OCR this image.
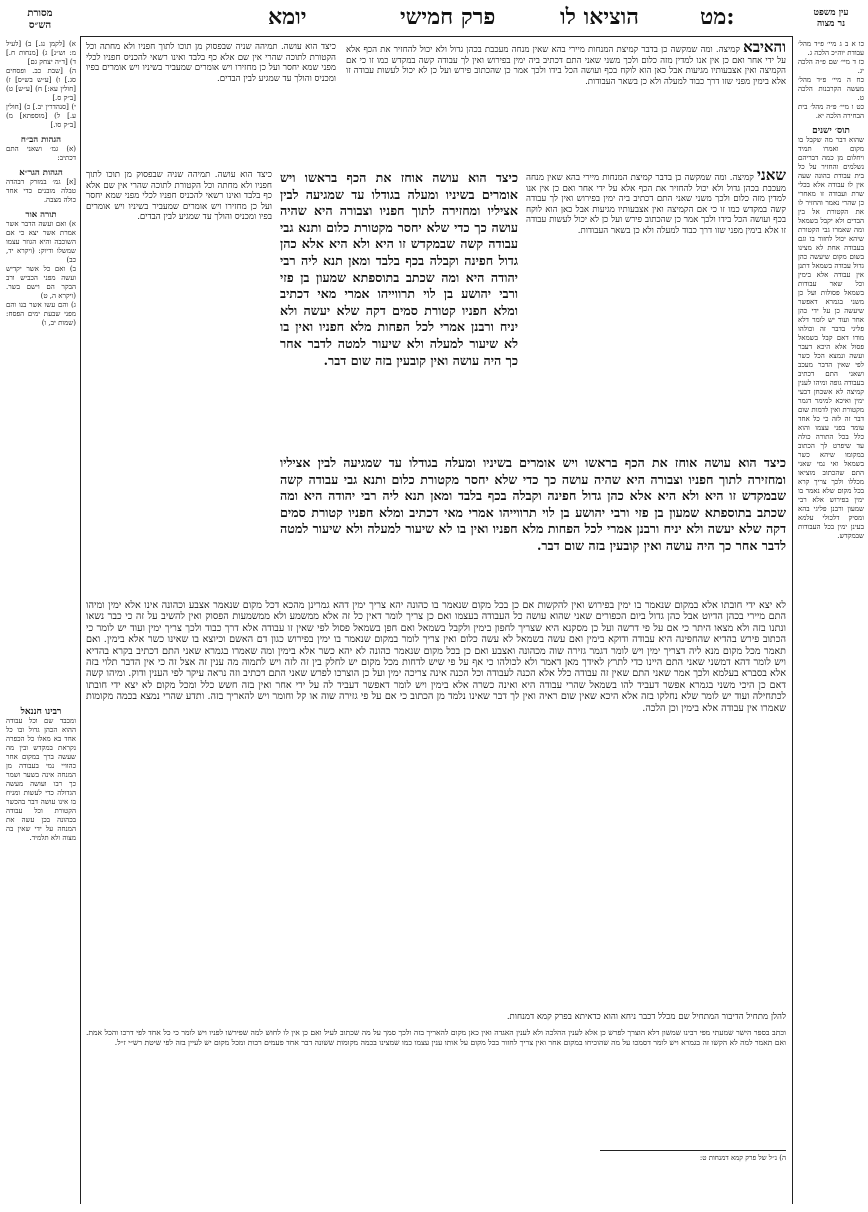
עין משפט
נר מצוה
מט:
הוציאו לו
פרק חמישי
יומא
מסורת
הש״ס
א) [לקמן נג.] ב) [לעיל מ: וש״נ] ג) [מנחות ח.] ד) [ד״ה יצחק גם]
ה) [שבת כב. ופסחים סג.] ו) [ע״ש בש״ס] ז) [חולין עא:] ח) [ע״ש] ט) [ב״ק ס.]
י) [סנהדרין יב.] כ) [חולין ע.] ל) [מוספתא] מ) [ב״ק סו.]
הגהות הב״ח
(א) גמ׳ ושאני התם דכתיב:
הגהות הגר״א
[א] גמ׳ במזרק דבהדה טבלה מובנים כדי אחד כולה מצבה.
תורה אור
א) ואם ועשה הדבר אשר אמרת אשר יצא כי אם השוכבה והיא הגוזר עצמו שמשלו ודיוק: (ויקרא יד, כב)
ב) ואם כל אשר יקדיש ועשה מפני הכביש ורב הבקר הם וישם בשר. (ויקרא ה, ט)
ג) והם עשו אשר בנו והם מפני שבעת ימים הפסח: (שמות יב, ו)
רבינו חננאל
ומכבד שם וכל עבודה ההוא הכהן גדול ובו כל אחד בא מאלו כל הכפרה נקראת במקדש ובין מה שעשה ברך במקום אחר כהוויי נמי בעבודה מן המנחה אינה בשער ושמר כך רבו ועושה מעשה הגדולה כדי לעשות ומניח בו אינו עושה דבר בהכשר הקטורת וכל עבודה בכהונה בכן עשה את המנחה על ידי שאין בה מצוה ולא תלמיד.
כו א ב ג מיי׳ פ״ד מהל׳ עבודת יוה״כ הלכה ג.
כז ד מיי׳ שם פ״ה הלכה יג.
כח ה מיי׳ פ״ד מהל׳ מעשה הקרבנות הלכה ט.
כט ו מיי׳ פ״ה מהל׳ בית הבחירה הלכה יא.
תוס׳ ישנים
שהוא דבר מה שקבל בו מקום ואמרו תמיד ויחלום מן כמה דבריהם נשלמים והחזיר על כל בית עבודת כהונה שעה אין לו עבודה אלא בכלי שרת ועבודה זו מאחרי כן שהרי נאמר והחזיר לו את הקטורת אל בין הבדים ולא יקבל בשמאל ומה שאמרו גבי הקטורת שיהא יכול לחזור בו וגם בעבודה אחת לא מצינו בשום מקום שיעשה כהן גדול עבודה בשמאל דתנן אין עבודה אלא בימין וכל שאר עבודות בשמאל פסולות ועל כן משני בגמרא דאפשר שיעשה כן על ידי כהן אחר ועוד יש לומר דלא פליגי בדבר זה וכולהו מודו דאם קבל בשמאל פסול אלא היכא דעבר ועשה ונמצא הכל כשר לפי שאין הדבר מעכב ושאני התם דכתיב בעבודה גופה ומיהו לענין קמיצה לא אשכחן דבעי ימין ואיכא למימר דגמר מקטורת ואין לדמות שום דבר זה לזה כי כל אחד עומד בפני עצמו והוא כלל בכל התורה כולה עד שיפרט לך הכתוב במקומו שיהא כשר בשמאל ואי נמי שאני התם שהכתוב מוציאו מכללו ולכך צריך קרא בכל מקום שלא נאמר בו ימין בפירוש אלא רבי שמעון ורבנן פליגי בהא ומסיק דלכולי עלמא בעינן ימין בכל העבודות שבמקדש.
כיצד הוא עושה. תמיהה שניה שבפסוק מן תוכו לתוך חפניו ולא מחתה וכל הקטורת לתוכה שהרי אין שם אלא כף בלבד ואינו רשאי להכניס חפניו לכלי מפני שמא יחסר ועל כן מחזירו ויש אומרים שמעביר בשיניו ויש אומרים בפיו ומכניס והולך עד שמגיע לבין הבדים.
והאיבא קמיצה. ומה שמקשה כן בדבר קמיצת המנחות מיירי בהא שאין מנחה מעכבת בכהן גדול ולא יכול להחזיר את הכף אלא על ידי אחר ואם כן אין אנו למדין מזה כלום ולכך משני שאני התם דכתיב ביה ימין בפירוש ואין לך עבודה קשה במקדש כמו זו כי אם הקמיצה ואין אצבעותיו מגיעות אבל כאן הוא לוקח בכף ועושה הכל בידו ולכך אמר כן שהכתוב פירש ועל כן לא יכול לעשות עבודה זו אלא בימין מפני שזו דרך כבוד למעלה ולא כן בשאר העבודות.
כיצד הוא עושה אוחז את הכף בראשו ויש אומרים בשיניו ומעלה בגודלו עד שמגיעה לבין אציליו ומחזירה לתוך חפניו וצבורה היא שהיה עושה כך כדי שלא יחסר מקטורת כלום ותנא גבי עבודה קשה שבמקדש זו היא ולא היא אלא כהן גדול חפינה וקבלה בכף בלבד ומאן תנא ליה רבי יהודה היא ומה שכתב בתוספתא שמעון בן פזי ורבי יהושע בן לוי תרווייהו אמרי מאי דכתיב ומלא חפניו קטורת סמים דקה שלא יעשה ולא יניח ורבנן אמרי לכל הפחות מלא חפניו ואין בו לא שיעור למעלה ולא שיעור למטה לדבר אחר כך היה עושה ואין קובעין בזה שום דבר.
כיצד הוא עושה. תמיהה שניה שבפסוק מן תוכו לתוך חפניו ולא מחתה וכל הקטורת לתוכה שהרי אין שם אלא כף בלבד ואינו רשאי להכניס חפניו לכלי מפני שמא יחסר ועל כן מחזירו ויש אומרים שמעביר בשיניו ויש אומרים בפיו ומכניס והולך עד שמגיע לבין הבדים.
שאני קמיצה. ומה שמקשה כן בדבר קמיצת המנחות מיירי בהא שאין מנחה מעכבת בכהן גדול ולא יכול להחזיר את הכף אלא על ידי אחר ואם כן אין אנו למדין מזה כלום ולכך משני שאני התם דכתיב ביה ימין בפירוש ואין לך עבודה קשה במקדש כמו זו כי אם הקמיצה ואין אצבעותיו מגיעות אבל כאן הוא לוקח בכף ועושה הכל בידו ולכך אמר כן שהכתוב פירש ועל כן לא יכול לעשות עבודה זו אלא בימין מפני שזו דרך כבוד למעלה ולא כן בשאר העבודות.
כיצד הוא עושה אוחז את הכף בראשו ויש אומרים בשיניו ומעלה בגודלו עד שמגיעה לבין אציליו ומחזירה לתוך חפניו וצבורה היא שהיה עושה כך כדי שלא יחסר מקטורת כלום ותנא גבי עבודה קשה שבמקדש זו היא ולא היא אלא כהן גדול חפינה וקבלה בכף בלבד ומאן תנא ליה רבי יהודה היא ומה שכתב בתוספתא שמעון בן פזי ורבי יהושע בן לוי תרווייהו אמרי מאי דכתיב ומלא חפניו קטורת סמים דקה שלא יעשה ולא יניח ורבנן אמרי לכל הפחות מלא חפניו ואין בו לא שיעור למעלה ולא שיעור למטה לדבר אחר כך היה עושה ואין קובעין בזה שום דבר.
לא יצא ידי חובתו אלא במקום שנאמר בו ימין בפירוש ואין להקשות אם כן בכל מקום שנאמר בו כהונה יהא צריך ימין דהא גמרינן מהכא דכל מקום שנאמר אצבע וכהונה אינו אלא ימין ומיהו התם מיירי בכהן הדיוט אבל כהן גדול ביום הכפורים שאני שהוא עושה כל העבודה בעצמו ואם כן צריך לומר דאין כל זה אלא ממשמע ולא ממשמעות הפסוק ואין להשיב על זה כי כבר נשאו ונתנו בזה ולא מצאו היתר כי אם על פי דרשה ועל כן מסקנא היא שצריך לחפון בימין ולקבל בשמאל ואם חפן בשמאל פסול לפי שאין זו עבודה אלא דרך כבוד ולכך צריך ימין ועוד יש לומר כי הכתוב פירש בהדיא שהחפינה היא עבודה ודוקא בימין ואם עשה בשמאל לא עשה כלום ואין צריך לומר במקום שנאמר בו ימין בפירוש כגון דם האשם וכיוצא בו שאינו כשר אלא בימין. ואם תאמר מכל מקום מנא ליה דצריך ימין ויש לומר דגמר גזירה שוה מכהונה ואצבע ואם כן בכל מקום שנאמר כהונה לא יהא כשר אלא בימין ומה שאמרו בגמרא שאני התם דכתיב בקרא בהדיא ויש לומר דהא דמשני שאני התם היינו כדי לתרץ לאידך מאן דאמר ולא לכולהו כי אף על פי שיש לדחות מכל מקום יש לחלק בין זה לזה ויש לתמוה מה ענין זה אצל זה כי אין הדבר תלוי בזה אלא בסברא בעלמא ולכך אמר שאני התם שאין זה עבודה כלל אלא הכנה לעבודה וכל הכנה אינה צריכה ימין ועל כן הוצרכו לפרש שאני התם דכתיב וזה נראה עיקר לפי הענין ודוק. ומיהו קשה דאם כן היכי משני בגמרא אפשר דעביד להו בשמאל שהרי עבודה היא ואינה כשרה אלא בימין ויש לומר דאפשר דעביד לה על ידי אחר ואין בזה חשש כלל ומכל מקום לא יצא ידי חובתו לכתחילה ועוד יש לומר שלא נחלקו בזה אלא היכא שאין שום ראיה ואין לך דבר שאינו נלמד מן הכתוב כי אם על פי גזירה שוה או קל וחומר ויש להאריך בזה. ותדע שהרי נמצא בכמה מקומות שאמרו אין עבודה אלא בימין וכן הלכה.
להלן מתחיל הדיבור המתחיל שם מכלל דכבר ניחא והוא כדאיתא בפרק קמא דמנחות.
וכתב בספר הישר שמעתי מפי רבינו שמשון דלא הוצרך לפרש כן אלא לענין ההלכה ולא לענין האגדה ואין כאן מקום להאריך בזה ולכך סמך על מה שכתוב לעיל ואם כן אין לו לחוש למה שפירשו לפניו ויש לומר כי כל אחד לפי דרכו והכל אמת. ואם תאמר למה לא הקשו זה בגמרא ויש לומר דסמכו על מה שהוכיחו במקום אחר ואין צריך לחזור בכל מקום על אותו ענין עצמו כמו שמצינו בכמה מקומות ששונה דבר אחד פעמים רבות ומכל מקום יש לעיין בזה לפי שיטת רש״י ז״ל.
ה) נ״ל של פרק קמא דמנחות ט:
